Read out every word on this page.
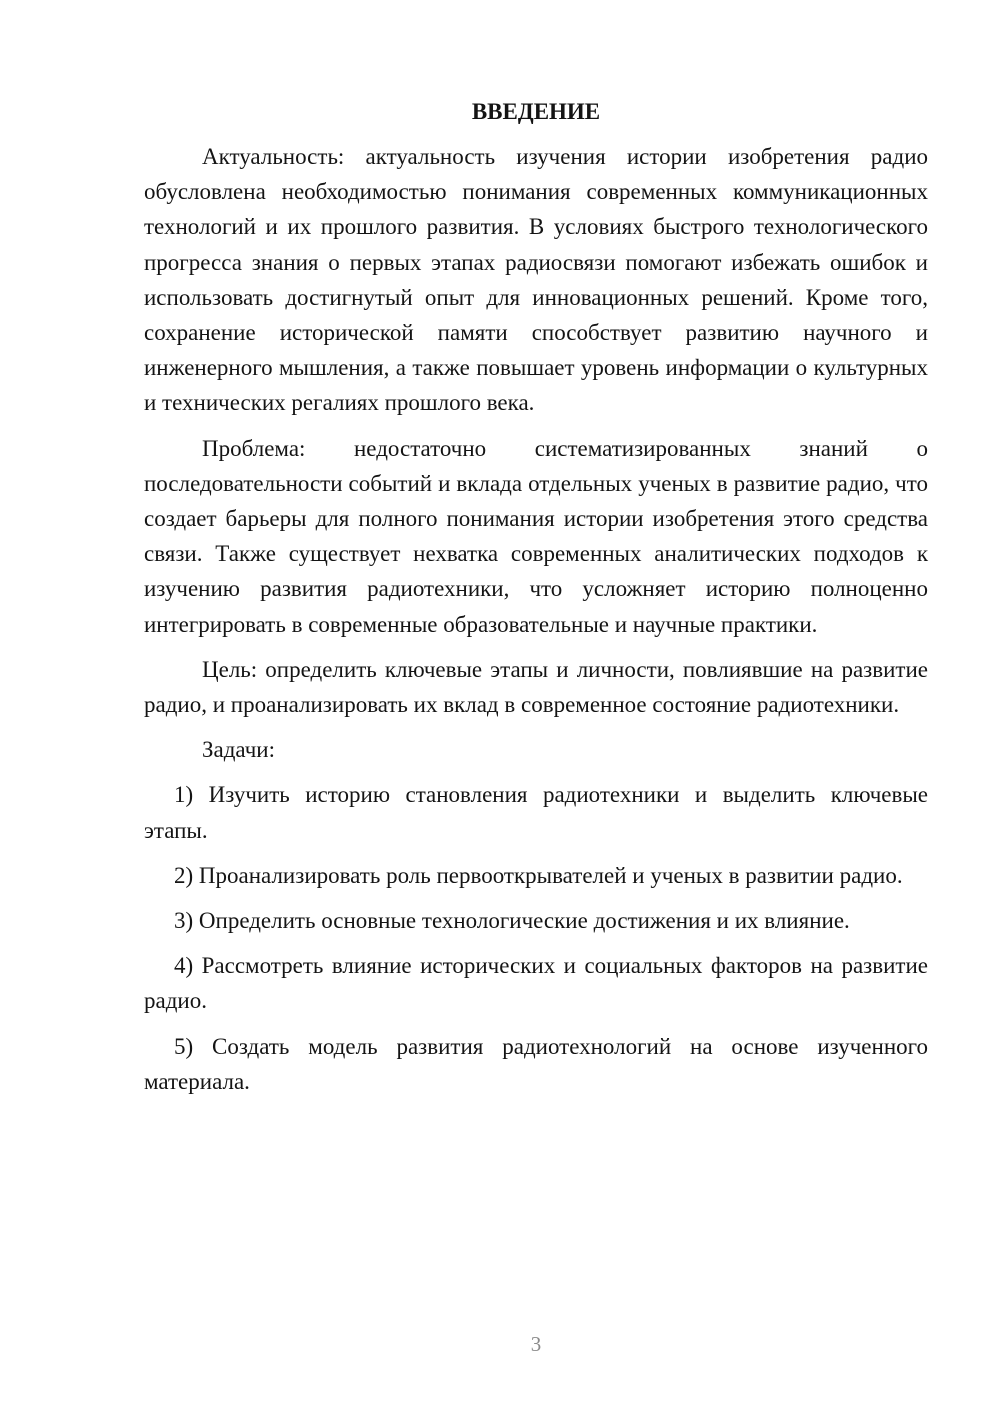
ВВЕДЕНИЕ

Актуальность: актуальность изучения истории изобретения радио обусловлена необходимостью понимания современных коммуникационных технологий и их прошлого развития. В условиях быстрого технологического прогресса знания о первых этапах радиосвязи помогают избежать ошибок и использовать достигнутый опыт для инновационных решений. Кроме того, сохранение исторической памяти способствует развитию научного и инженерного мышления, а также повышает уровень информации о культурных и технических регалиях прошлого века.

Проблема: недостаточно систематизированных знаний о последовательности событий и вклада отдельных ученых в развитие радио, что создает барьеры для полного понимания истории изобретения этого средства связи. Также существует нехватка современных аналитических подходов к изучению развития радиотехники, что усложняет историю полноценно интегрировать в современные образовательные и научные практики.

Цель: определить ключевые этапы и личности, повлиявшие на развитие радио, и проанализировать их вклад в современное состояние радиотехники.

Задачи:

1) Изучить историю становления радиотехники и выделить ключевые этапы.

2) Проанализировать роль первооткрывателей и ученых в развитии радио.

3) Определить основные технологические достижения и их влияние.

4) Рассмотреть влияние исторических и социальных факторов на развитие радио.

5) Создать модель развития радиотехнологий на основе изученного материала.

3
